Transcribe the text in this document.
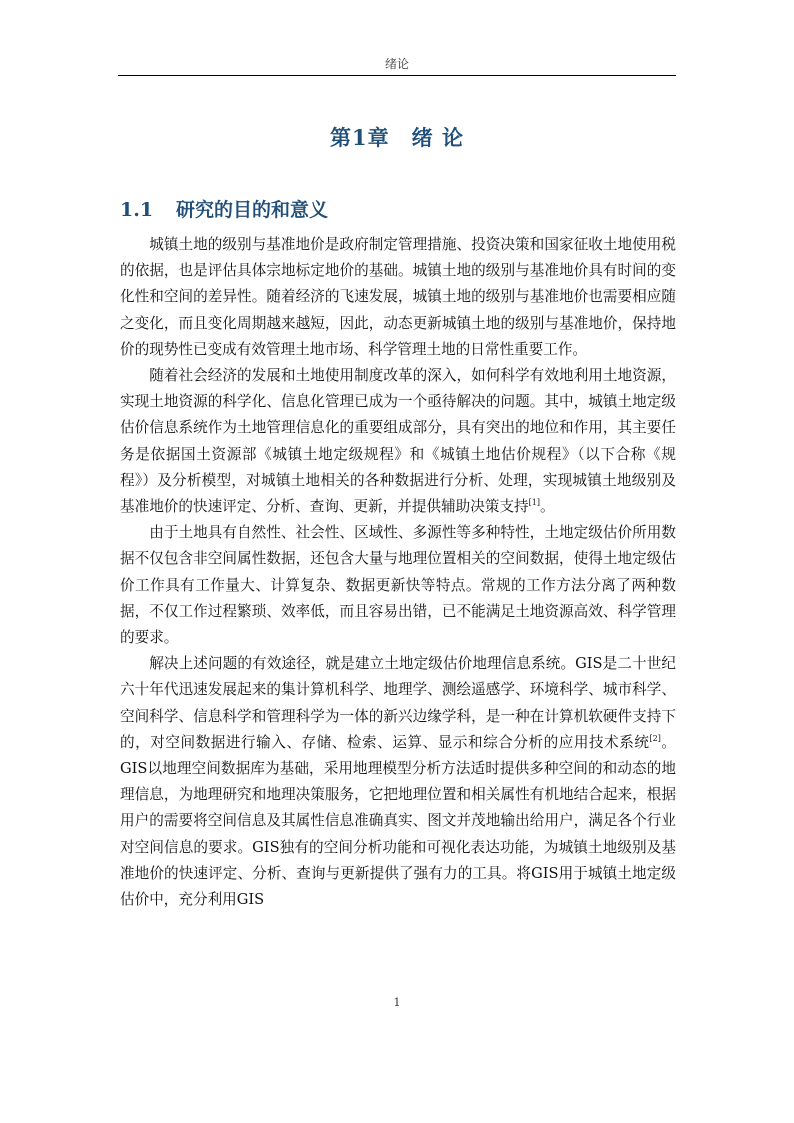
绪论
第1章 绪 论
1.1 研究的目的和意义

城镇土地的级别与基准地价是政府制定管理措施、投资决策和国家征收土地使用税的依据，也是评估具体宗地标定地价的基础。城镇土地的级别与基准地价具有时间的变化性和空间的差异性。随着经济的飞速发展，城镇土地的级别与基准地价也需要相应随之变化，而且变化周期越来越短，因此，动态更新城镇土地的级别与基准地价，保持地价的现势性已变成有效管理土地市场、科学管理土地的日常性重要工作。

随着社会经济的发展和土地使用制度改革的深入，如何科学有效地利用土地资源，实现土地资源的科学化、信息化管理已成为一个亟待解决的问题。其中，城镇土地定级估价信息系统作为土地管理信息化的重要组成部分，具有突出的地位和作用，其主要任务是依据国土资源部《城镇土地定级规程》和《城镇土地估价规程》（以下合称《规程》）及分析模型，对城镇土地相关的各种数据进行分析、处理，实现城镇土地级别及基准地价的快速评定、分析、查询、更新，并提供辅助决策支持[1]。

由于土地具有自然性、社会性、区域性、多源性等多种特性，土地定级估价所用数据不仅包含非空间属性数据，还包含大量与地理位置相关的空间数据，使得土地定级估价工作具有工作量大、计算复杂、数据更新快等特点。常规的工作方法分离了两种数据，不仅工作过程繁琐、效率低，而且容易出错，已不能满足土地资源高效、科学管理的要求。

解决上述问题的有效途径，就是建立土地定级估价地理信息系统。GIS是二十世纪六十年代迅速发展起来的集计算机科学、地理学、测绘遥感学、环境科学、城市科学、空间科学、信息科学和管理科学为一体的新兴边缘学科，是一种在计算机软硬件支持下的，对空间数据进行输入、存储、检索、运算、显示和综合分析的应用技术系统[2]。GIS以地理空间数据库为基础，采用地理模型分析方法适时提供多种空间的和动态的地理信息，为地理研究和地理决策服务，它把地理位置和相关属性有机地结合起来，根据用户的需要将空间信息及其属性信息准确真实、图文并茂地输出给用户，满足各个行业对空间信息的要求。GIS独有的空间分析功能和可视化表达功能，为城镇土地级别及基准地价的快速评定、分析、查询与更新提供了强有力的工具。将GIS用于城镇土地定级估价中，充分利用GIS

1
